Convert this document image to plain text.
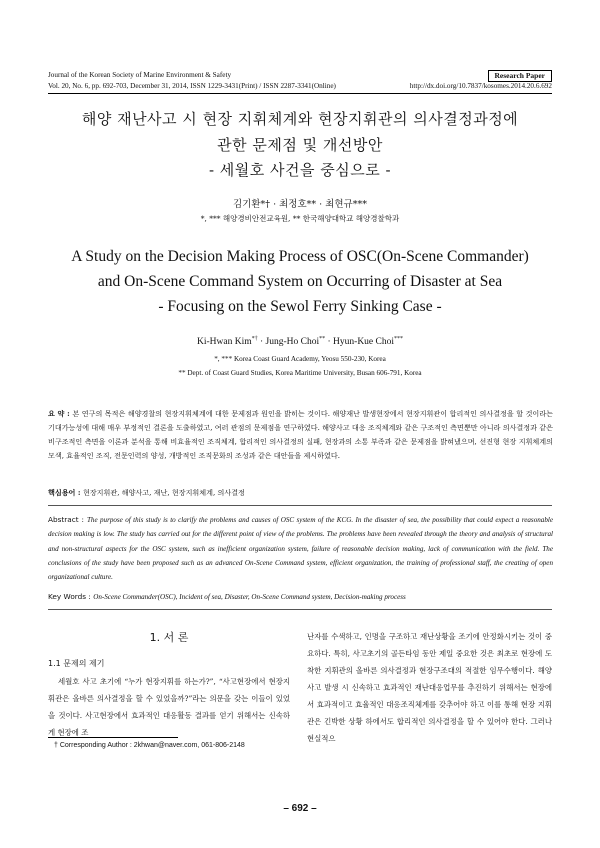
Journal of the Korean Society of Marine Environment & Safety	Research Paper
Vol. 20, No. 6, pp. 692-703, December 31, 2014, ISSN 1229-3431(Print) / ISSN 2287-3341(Online)	http://dx.doi.org/10.7837/kosomes.2014.20.6.692
해양 재난사고 시 현장 지휘체계와 현장지휘관의 의사결정과정에
관한 문제점 및 개선방안
- 세월호 사건을 중심으로 -
김기환*† · 최정호** · 최현규***
*, *** 해양경비안전교육원, ** 한국해양대학교 해양경찰학과
A Study on the Decision Making Process of OSC(On-Scene Commander)
and On-Scene Command System on Occurring of Disaster at Sea
- Focusing on the Sewol Ferry Sinking Case -
Ki-Hwan Kim*† · Jung-Ho Choi** · Hyun-Kue Choi***
*, *** Korea Coast Guard Academy, Yeosu 550-230, Korea
** Dept. of Coast Guard Studies, Korea Maritime University, Busan 606-791, Korea
요 약 : 본 연구의 목적은 해양경찰의 현장지휘체계에 대한 문제점과 원인을 밝히는 것이다. 해양재난 발생현장에서 현장지휘관이 합리적인 의사결정을 할 것이라는 기대가능성에 대해 매우 부정적인 결론을 도출하였고, 여러 관점의 문제점을 연구하였다. 해양사고 대응 조직체계와 같은 구조적인 측면뿐만 아니라 의사결정과 같은 비구조적인 측면을 이론과 분석을 통해 비효율적인 조직체계, 합리적인 의사결정의 실패, 현장과의 소통 부족과 같은 문제점을 밝혀냈으며, 선진형 현장 지휘체계의 모색, 효율적인 조직, 전문인력의 양성, 개방적인 조직문화의 조성과 같은 대안들을 제시하였다.
핵심용어 : 현장지휘관, 해양사고, 재난, 현장지휘체계, 의사결정
Abstract : The purpose of this study is to clarify the problems and causes of OSC system of the KCG. In the disaster of sea, the possibility that could expect a reasonable decision making is low. The study has carried out for the different point of view of the problems. The problems have been revealed through the theory and analysis of structural and non-structural aspects for the OSC system, such as inefficient organization system, failure of reasonable decision making, lack of communication with the field. The conclusions of the study have been proposed such as an advanced On-Scene Command system, efficient organization, the training of professional staff, the creating of open organizational culture.
Key Words : On-Scene Commander(OSC), Incident of sea, Disaster, On-Scene Command system, Decision-making process
1. 서 론
1.1 문제의 제기

세월호 사고 초기에 “누가 현장지휘를 하는가?”, “사고현장에서 현장지휘관은 올바른 의사결정을 할 수 있었을까?”라는 의문을 갖는 이들이 있었을 것이다. 사고현장에서 효과적인 대응활동 결과를 얻기 위해서는 신속하게 현장에 조

난자를 수색하고, 인명을 구조하고 재난상황을 조기에 안정화시키는 것이 중요하다. 특히, 사고초기의 골든타임 동안 제일 중요한 것은 최초로 현장에 도착한 지휘관의 올바른 의사결정과 현장구조대의 적절한 임무수행이다. 해양사고 발생 시 신속하고 효과적인 재난대응업무를 추진하기 위해서는 현장에서 효과적이고 효율적인 대응조직체계를 갖추어야 하고 이를 통해 현장 지휘관은 긴박한 상황 하에서도 합리적인 의사결정을 할 수 있어야 한다. 그러나 현실적으

† Corresponding Author : 2khwan@naver.com, 061-806-2148
– 692 –
